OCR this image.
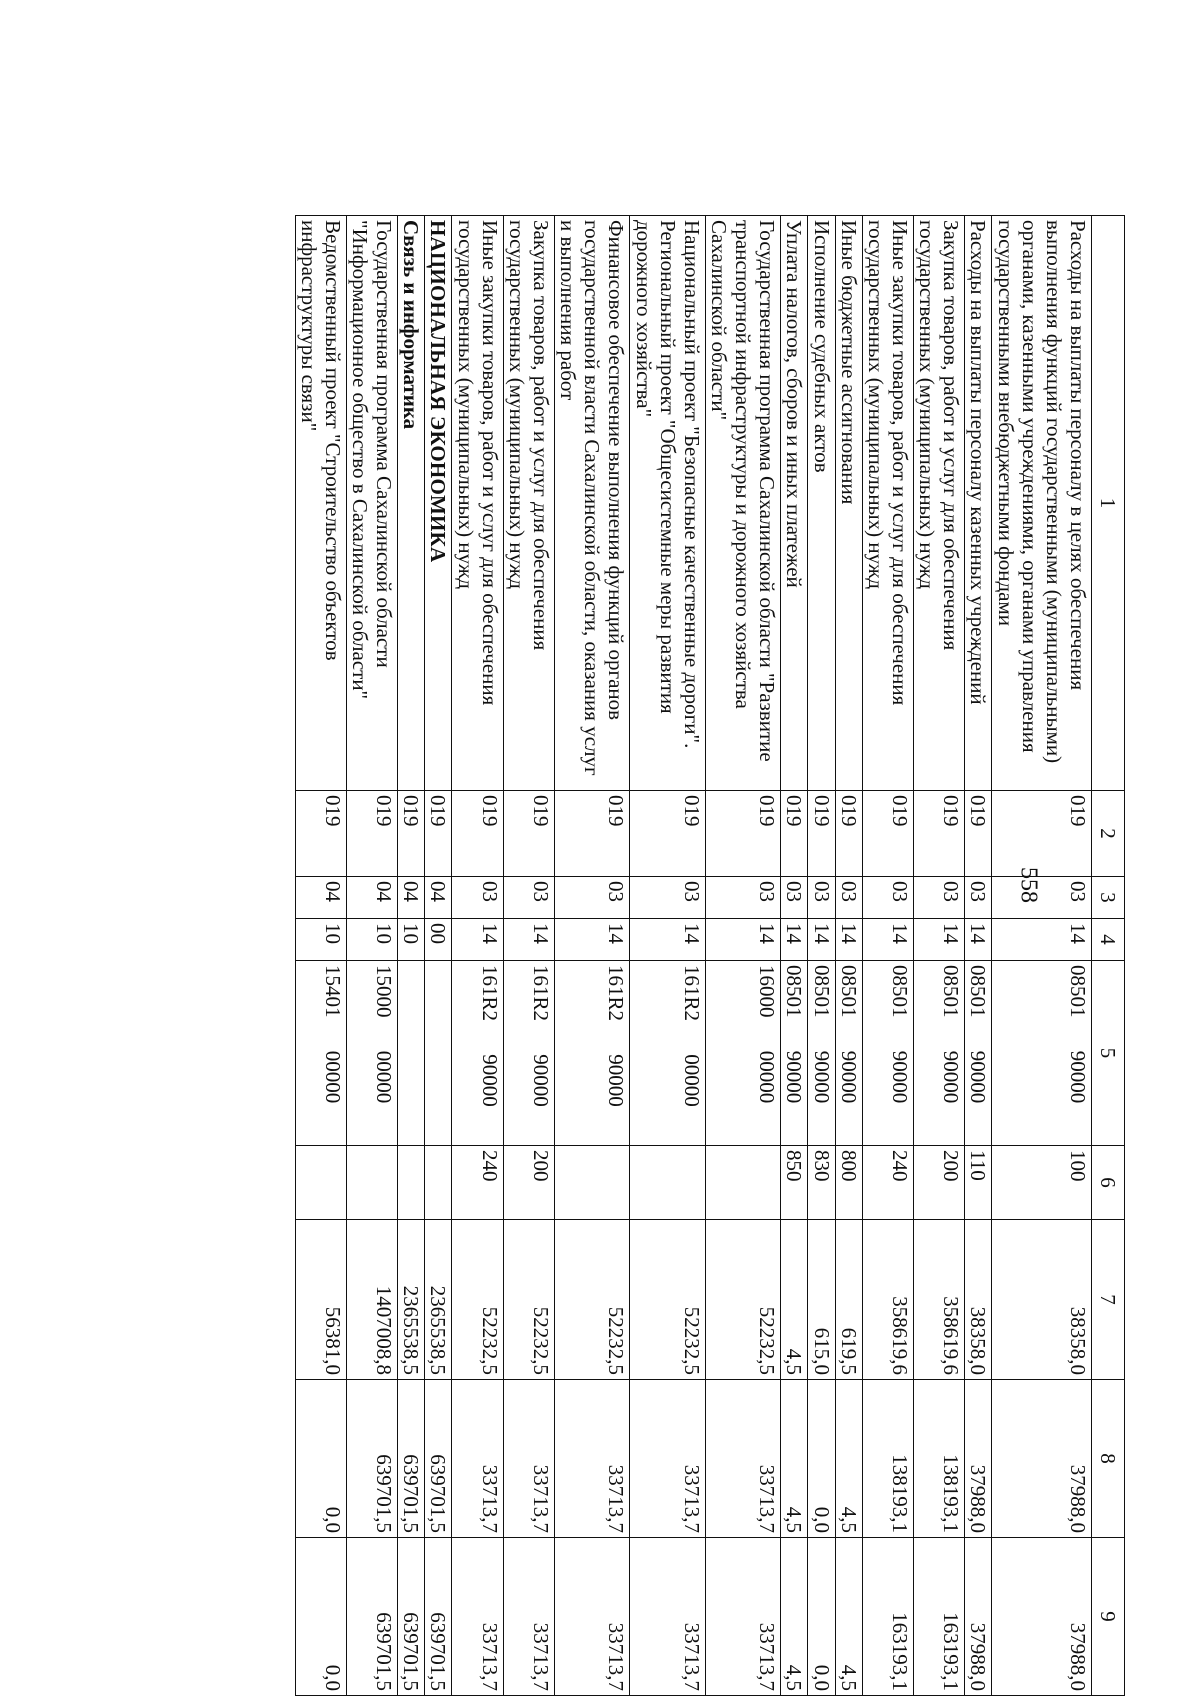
558
1	2	3	4	5	6	7	8	9
Расходы на выплаты персоналу в целях обеспечения выполнения функций государственными (муниципальными) органами, казенными учреждениями, органами управления государственными внебюджетными фондами	019	03	14	08501 90000	100	38358,0	37988,0	37988,0
Расходы на выплаты персоналу казенных учреждений	019	03	14	08501 90000	110	38358,0	37988,0	37988,0
Закупка товаров, работ и услуг для обеспечения государственных (муниципальных) нужд	019	03	14	08501 90000	200	358619,6	138193,1	163193,1
Иные закупки товаров, работ и услуг для обеспечения государственных (муниципальных) нужд	019	03	14	08501 90000	240	358619,6	138193,1	163193,1
Иные бюджетные ассигнования	019	03	14	08501 90000	800	619,5	4,5	4,5
Исполнение судебных актов	019	03	14	08501 90000	830	615,0	0,0	0,0
Уплата налогов, сборов и иных платежей	019	03	14	08501 90000	850	4,5	4,5	4,5
Государственная программа Сахалинской области "Развитие транспортной инфраструктуры и дорожного хозяйства Сахалинской области"	019	03	14	16000 00000		52232,5	33713,7	33713,7
Национальный проект "Безопасные качественные дороги". Региональный проект "Общесистемные меры развития дорожного хозяйства"	019	03	14	161R2 00000		52232,5	33713,7	33713,7
Финансовое обеспечение выполнения функций органов государственной власти Сахалинской области, оказания услуг и выполнения работ	019	03	14	161R2 90000		52232,5	33713,7	33713,7
Закупка товаров, работ и услуг для обеспечения государственных (муниципальных) нужд	019	03	14	161R2 90000	200	52232,5	33713,7	33713,7
Иные закупки товаров, работ и услуг для обеспечения государственных (муниципальных) нужд	019	03	14	161R2 90000	240	52232,5	33713,7	33713,7
НАЦИОНАЛЬНАЯ ЭКОНОМИКА	019	04	00			2365538,5	639701,5	639701,5
Связь и информатика	019	04	10			2365538,5	639701,5	639701,5
Государственная программа Сахалинской области "Информационное общество в Сахалинской области"	019	04	10	15000 00000		1407008,8	639701,5	639701,5
Ведомственный проект "Строительство объектов инфраструктуры связи"	019	04	10	15401 00000		56381,0	0,0	0,0
